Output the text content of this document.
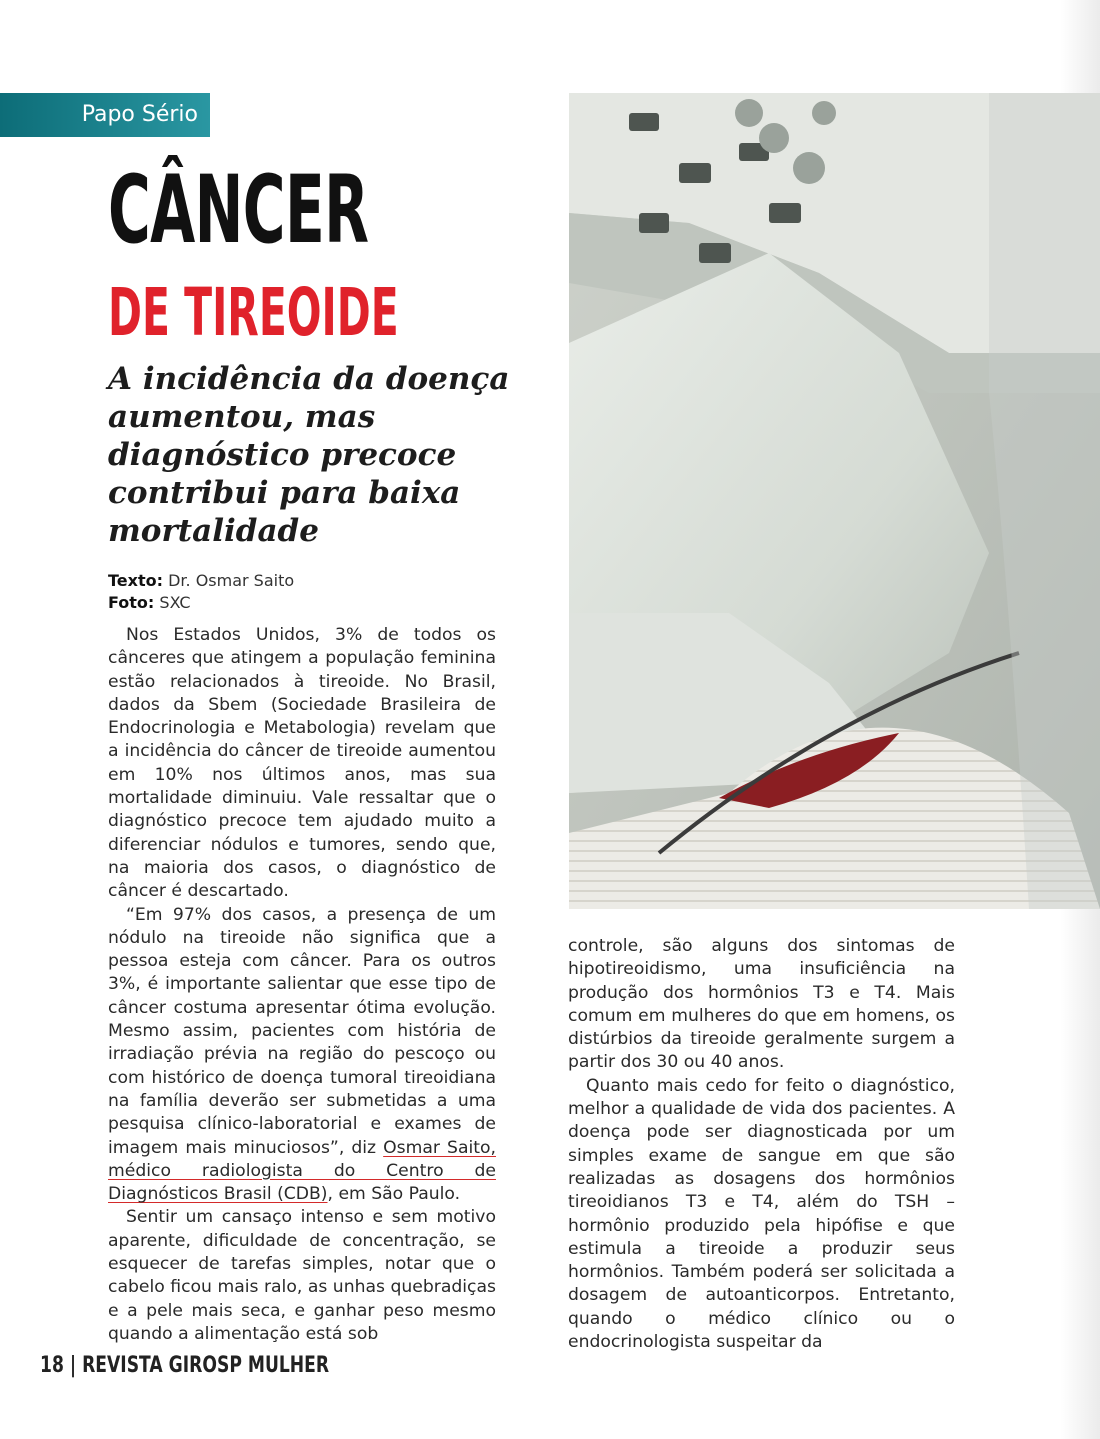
Papo Sério
CÂNCER
DE TIREOIDE
A incidência da doença aumentou, mas diagnóstico precoce contribui para baixa mortalidade
Texto: Dr. Osmar Saito
Foto: SXC

Nos Estados Unidos, 3% de todos os cânceres que atingem a população feminina estão relacionados à tireoide. No Brasil, dados da Sbem (Sociedade Brasileira de Endocrinologia e Metabologia) revelam que a incidência do câncer de tireoide aumentou em 10% nos últimos anos, mas sua mortalidade diminuiu. Vale ressaltar que o diagnóstico precoce tem ajudado muito a diferenciar nódulos e tumores, sendo que, na maioria dos casos, o diagnóstico de câncer é descartado.

“Em 97% dos casos, a presença de um nódulo na tireoide não significa que a pessoa esteja com câncer. Para os outros 3%, é importante salientar que esse tipo de câncer costuma apresentar ótima evolução. Mesmo assim, pacientes com história de irradiação prévia na região do pescoço ou com histórico de doença tumoral tireoidiana na família deverão ser submetidas a uma pesquisa clínico-laboratorial e exames de imagem mais minuciosos”, diz Osmar Saito, médico radiologista do Centro de Diagnósticos Brasil (CDB), em São Paulo.

Sentir um cansaço intenso e sem motivo aparente, dificuldade de concentração, se esquecer de tarefas simples, notar que o cabelo ficou mais ralo, as unhas quebradiças e a pele mais seca, e ganhar peso mesmo quando a alimentação está sob

controle, são alguns dos sintomas de hipotireoidismo, uma insuficiência na produção dos hormônios T3 e T4. Mais comum em mulheres do que em homens, os distúrbios da tireoide geralmente surgem a partir dos 30 ou 40 anos.

Quanto mais cedo for feito o diagnóstico, melhor a qualidade de vida dos pacientes. A doença pode ser diagnosticada por um simples exame de sangue em que são realizadas as dosagens dos hormônios tireoidianos T3 e T4, além do TSH – hormônio produzido pela hipófise e que estimula a tireoide a produzir seus hormônios. Também poderá ser solicitada a dosagem de autoanticorpos. Entretanto, quando o médico clínico ou o endocrinologista suspeitar da

18 | REVISTA GIROSP MULHER
